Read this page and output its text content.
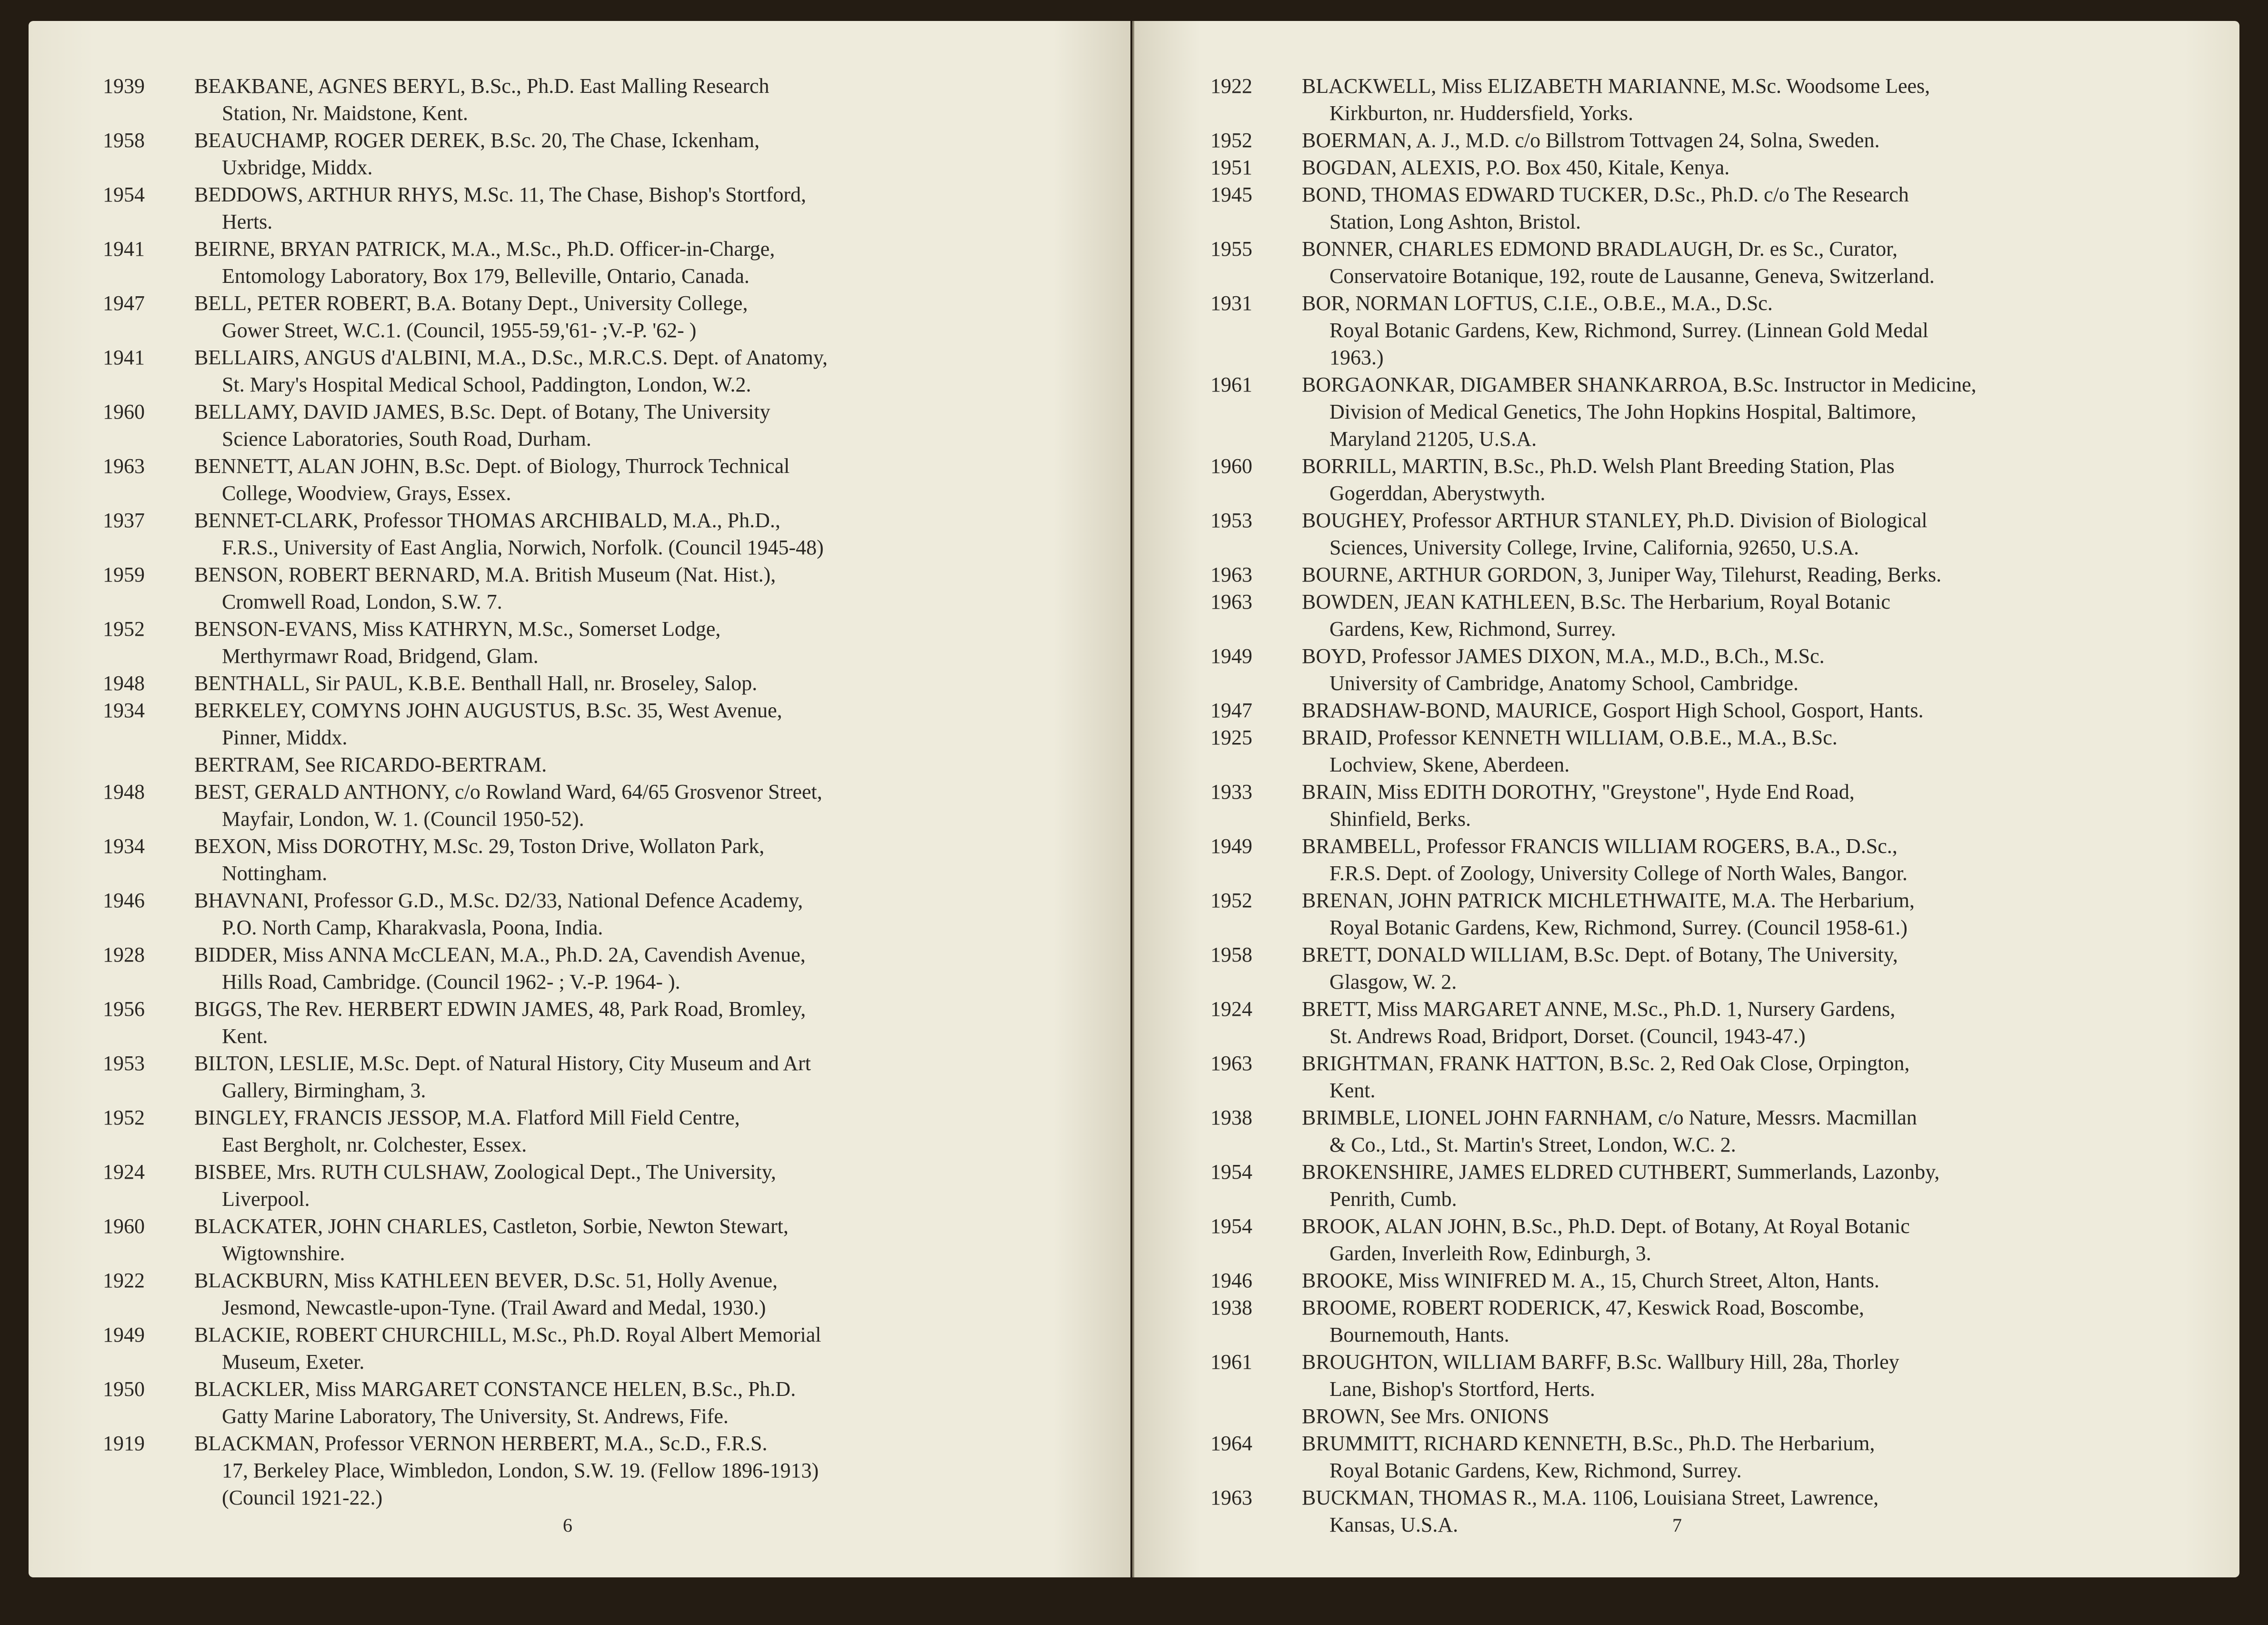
1939 BEAKBANE, AGNES BERYL, B.Sc., Ph.D. East Malling Research
Station, Nr. Maidstone, Kent.
1958 BEAUCHAMP, ROGER DEREK, B.Sc. 20, The Chase, Ickenham,
Uxbridge, Middx.
1954 BEDDOWS, ARTHUR RHYS, M.Sc. 11, The Chase, Bishop's Stortford,
Herts.
1941 BEIRNE, BRYAN PATRICK, M.A., M.Sc., Ph.D. Officer-in-Charge,
Entomology Laboratory, Box 179, Belleville, Ontario, Canada.
1947 BELL, PETER ROBERT, B.A. Botany Dept., University College,
Gower Street, W.C.1. (Council, 1955-59,'61- ;V.-P. '62- )
1941 BELLAIRS, ANGUS d'ALBINI, M.A., D.Sc., M.R.C.S. Dept. of Anatomy,
St. Mary's Hospital Medical School, Paddington, London, W.2.
1960 BELLAMY, DAVID JAMES, B.Sc. Dept. of Botany, The University
Science Laboratories, South Road, Durham.
1963 BENNETT, ALAN JOHN, B.Sc. Dept. of Biology, Thurrock Technical
College, Woodview, Grays, Essex.
1937 BENNET-CLARK, Professor THOMAS ARCHIBALD, M.A., Ph.D.,
F.R.S., University of East Anglia, Norwich, Norfolk. (Council 1945-48)
1959 BENSON, ROBERT BERNARD, M.A. British Museum (Nat. Hist.),
Cromwell Road, London, S.W. 7.
1952 BENSON-EVANS, Miss KATHRYN, M.Sc., Somerset Lodge,
Merthyrmawr Road, Bridgend, Glam.
1948 BENTHALL, Sir PAUL, K.B.E. Benthall Hall, nr. Broseley, Salop.
1934 BERKELEY, COMYNS JOHN AUGUSTUS, B.Sc. 35, West Avenue,
Pinner, Middx.
BERTRAM, See RICARDO-BERTRAM.
1948 BEST, GERALD ANTHONY, c/o Rowland Ward, 64/65 Grosvenor Street,
Mayfair, London, W. 1. (Council 1950-52).
1934 BEXON, Miss DOROTHY, M.Sc. 29, Toston Drive, Wollaton Park,
Nottingham.
1946 BHAVNANI, Professor G.D., M.Sc. D2/33, National Defence Academy,
P.O. North Camp, Kharakvasla, Poona, India.
1928 BIDDER, Miss ANNA McCLEAN, M.A., Ph.D. 2A, Cavendish Avenue,
Hills Road, Cambridge. (Council 1962- ; V.-P. 1964- ).
1956 BIGGS, The Rev. HERBERT EDWIN JAMES, 48, Park Road, Bromley,
Kent.
1953 BILTON, LESLIE, M.Sc. Dept. of Natural History, City Museum and Art
Gallery, Birmingham, 3.
1952 BINGLEY, FRANCIS JESSOP, M.A. Flatford Mill Field Centre,
East Bergholt, nr. Colchester, Essex.
1924 BISBEE, Mrs. RUTH CULSHAW, Zoological Dept., The University,
Liverpool.
1960 BLACKATER, JOHN CHARLES, Castleton, Sorbie, Newton Stewart,
Wigtownshire.
1922 BLACKBURN, Miss KATHLEEN BEVER, D.Sc. 51, Holly Avenue,
Jesmond, Newcastle-upon-Tyne. (Trail Award and Medal, 1930.)
1949 BLACKIE, ROBERT CHURCHILL, M.Sc., Ph.D. Royal Albert Memorial
Museum, Exeter.
1950 BLACKLER, Miss MARGARET CONSTANCE HELEN, B.Sc., Ph.D.
Gatty Marine Laboratory, The University, St. Andrews, Fife.
1919 BLACKMAN, Professor VERNON HERBERT, M.A., Sc.D., F.R.S.
17, Berkeley Place, Wimbledon, London, S.W. 19. (Fellow 1896-1913)
(Council 1921-22.)
6
1922 BLACKWELL, Miss ELIZABETH MARIANNE, M.Sc. Woodsome Lees,
Kirkburton, nr. Huddersfield, Yorks.
1952 BOERMAN, A. J., M.D. c/o Billstrom Tottvagen 24, Solna, Sweden.
1951 BOGDAN, ALEXIS, P.O. Box 450, Kitale, Kenya.
1945 BOND, THOMAS EDWARD TUCKER, D.Sc., Ph.D. c/o The Research
Station, Long Ashton, Bristol.
1955 BONNER, CHARLES EDMOND BRADLAUGH, Dr. es Sc., Curator,
Conservatoire Botanique, 192, route de Lausanne, Geneva, Switzerland.
1931 BOR, NORMAN LOFTUS, C.I.E., O.B.E., M.A., D.Sc.
Royal Botanic Gardens, Kew, Richmond, Surrey. (Linnean Gold Medal
1963.)
1961 BORGAONKAR, DIGAMBER SHANKARROA, B.Sc. Instructor in Medicine,
Division of Medical Genetics, The John Hopkins Hospital, Baltimore,
Maryland 21205, U.S.A.
1960 BORRILL, MARTIN, B.Sc., Ph.D. Welsh Plant Breeding Station, Plas
Gogerddan, Aberystwyth.
1953 BOUGHEY, Professor ARTHUR STANLEY, Ph.D. Division of Biological
Sciences, University College, Irvine, California, 92650, U.S.A.
1963 BOURNE, ARTHUR GORDON, 3, Juniper Way, Tilehurst, Reading, Berks.
1963 BOWDEN, JEAN KATHLEEN, B.Sc. The Herbarium, Royal Botanic
Gardens, Kew, Richmond, Surrey.
1949 BOYD, Professor JAMES DIXON, M.A., M.D., B.Ch., M.Sc.
University of Cambridge, Anatomy School, Cambridge.
1947 BRADSHAW-BOND, MAURICE, Gosport High School, Gosport, Hants.
1925 BRAID, Professor KENNETH WILLIAM, O.B.E., M.A., B.Sc.
Lochview, Skene, Aberdeen.
1933 BRAIN, Miss EDITH DOROTHY, "Greystone", Hyde End Road,
Shinfield, Berks.
1949 BRAMBELL, Professor FRANCIS WILLIAM ROGERS, B.A., D.Sc.,
F.R.S. Dept. of Zoology, University College of North Wales, Bangor.
1952 BRENAN, JOHN PATRICK MICHLETHWAITE, M.A. The Herbarium,
Royal Botanic Gardens, Kew, Richmond, Surrey. (Council 1958-61.)
1958 BRETT, DONALD WILLIAM, B.Sc. Dept. of Botany, The University,
Glasgow, W. 2.
1924 BRETT, Miss MARGARET ANNE, M.Sc., Ph.D. 1, Nursery Gardens,
St. Andrews Road, Bridport, Dorset. (Council, 1943-47.)
1963 BRIGHTMAN, FRANK HATTON, B.Sc. 2, Red Oak Close, Orpington,
Kent.
1938 BRIMBLE, LIONEL JOHN FARNHAM, c/o Nature, Messrs. Macmillan
& Co., Ltd., St. Martin's Street, London, W.C. 2.
1954 BROKENSHIRE, JAMES ELDRED CUTHBERT, Summerlands, Lazonby,
Penrith, Cumb.
1954 BROOK, ALAN JOHN, B.Sc., Ph.D. Dept. of Botany, At Royal Botanic
Garden, Inverleith Row, Edinburgh, 3.
1946 BROOKE, Miss WINIFRED M. A., 15, Church Street, Alton, Hants.
1938 BROOME, ROBERT RODERICK, 47, Keswick Road, Boscombe,
Bournemouth, Hants.
1961 BROUGHTON, WILLIAM BARFF, B.Sc. Wallbury Hill, 28a, Thorley
Lane, Bishop's Stortford, Herts.
BROWN, See Mrs. ONIONS
1964 BRUMMITT, RICHARD KENNETH, B.Sc., Ph.D. The Herbarium,
Royal Botanic Gardens, Kew, Richmond, Surrey.
1963 BUCKMAN, THOMAS R., M.A. 1106, Louisiana Street, Lawrence,
Kansas, U.S.A.	7
